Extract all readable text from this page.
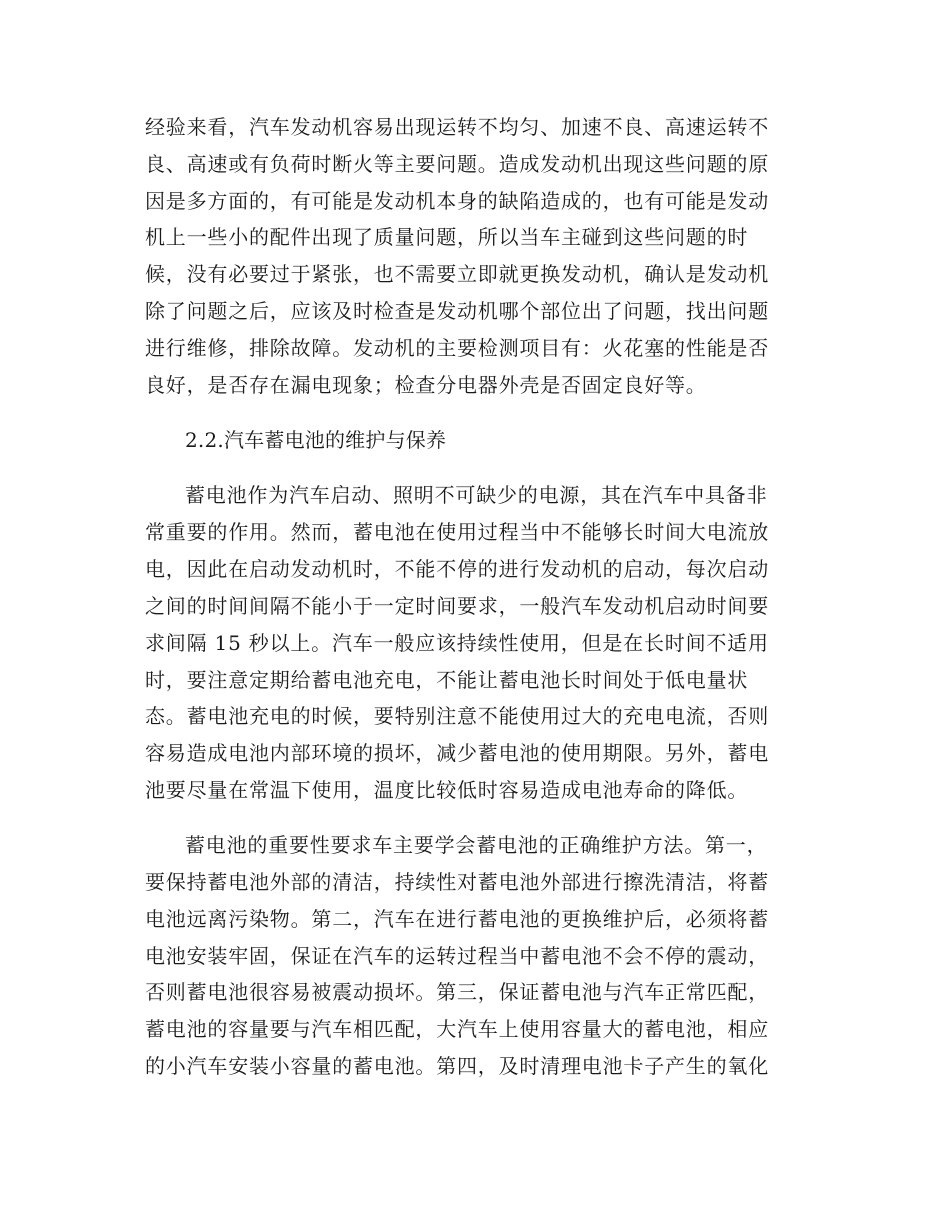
经验来看，汽车发动机容易出现运转不均匀、加速不良、高速运转不
良、高速或有负荷时断火等主要问题。造成发动机出现这些问题的原
因是多方面的，有可能是发动机本身的缺陷造成的，也有可能是发动
机上一些小的配件出现了质量问题，所以当车主碰到这些问题的时
候，没有必要过于紧张，也不需要立即就更换发动机，确认是发动机
除了问题之后，应该及时检查是发动机哪个部位出了问题，找出问题
进行维修，排除故障。发动机的主要检测项目有：火花塞的性能是否
良好，是否存在漏电现象；检查分电器外壳是否固定良好等。
2.2.汽车蓄电池的维护与保养
蓄电池作为汽车启动、照明不可缺少的电源，其在汽车中具备非
常重要的作用。然而，蓄电池在使用过程当中不能够长时间大电流放
电，因此在启动发动机时，不能不停的进行发动机的启动，每次启动
之间的时间间隔不能小于一定时间要求，一般汽车发动机启动时间要
求间隔 15 秒以上。汽车一般应该持续性使用，但是在长时间不适用
时，要注意定期给蓄电池充电，不能让蓄电池长时间处于低电量状
态。蓄电池充电的时候，要特别注意不能使用过大的充电电流，否则
容易造成电池内部环境的损坏，减少蓄电池的使用期限。另外，蓄电
池要尽量在常温下使用，温度比较低时容易造成电池寿命的降低。
蓄电池的重要性要求车主要学会蓄电池的正确维护方法。第一，
要保持蓄电池外部的清洁，持续性对蓄电池外部进行擦洗清洁，将蓄
电池远离污染物。第二，汽车在进行蓄电池的更换维护后，必须将蓄
电池安装牢固，保证在汽车的运转过程当中蓄电池不会不停的震动，
否则蓄电池很容易被震动损坏。第三，保证蓄电池与汽车正常匹配，
蓄电池的容量要与汽车相匹配，大汽车上使用容量大的蓄电池，相应
的小汽车安装小容量的蓄电池。第四，及时清理电池卡子产生的氧化
